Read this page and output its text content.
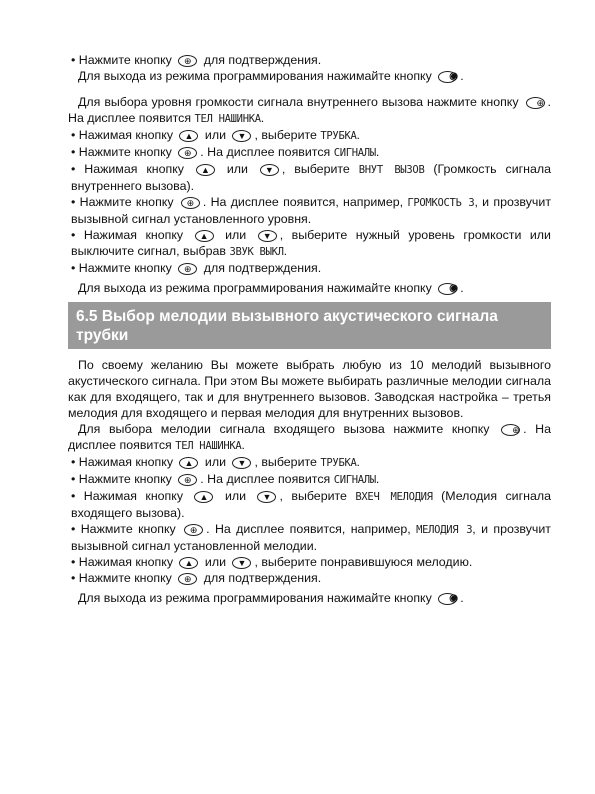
• Нажмите кнопку	⊕ для подтверждения.

Для выхода из режима программирования нажимайте кнопку	◉ .

Для выбора уровня громкости сигнала внутреннего вызова нажмите кнопку	⊕ . На дисплее появится ТЕЛ НАШИНКА.

• Нажимая кнопку	▲ или	▼ , выберите ТРУБКА.

• Нажмите кнопку	⊕ . На дисплее появится СИГНАЛЫ.

• Нажимая кнопку	▲	или	▼ , выберите ВНУТ ВЫЗОВ (Громкость сигнала внутреннего вызова).

• Нажмите кнопку	⊕ . На дисплее появится, например, ГРОМКОСТЬ 3, и прозвучит вызывной сигнал установленного уровня.

• Нажимая кнопку	▲	или	▼ , выберите нужный уровень громкости или выключите сигнал, выбрав ЗВУК ВЫКЛ.

• Нажмите кнопку	⊕ для подтверждения.

Для выхода из режима программирования нажимайте кнопку	◉ .

6.5 Выбор мелодии вызывного акустического сигнала трубки

По своему желанию Вы можете выбрать любую из 10 мелодий вызывного акустического сигнала. При этом Вы можете выбирать различные мелодии сигнала как для входящего, так и для внутреннего вызовов. Заводская настройка – третья мелодия для входящего и первая мелодия для внутренних вызовов.

Для выбора мелодии сигнала входящего вызова нажмите кнопку	⊕ . На дисплее появится ТЕЛ НАШИНКА.

• Нажимая кнопку	▲ или	▼ , выберите ТРУБКА.

• Нажмите кнопку	⊕ . На дисплее появится СИГНАЛЫ.

• Нажимая кнопку	▲	или	▼ , выберите ВХЕЧ МЕЛОДИЯ (Мелодия сигнала входящего вызова).

• Нажмите кнопку	⊕ . На дисплее появится, например, МЕЛОДИЯ 3, и прозвучит вызывной сигнал установленной мелодии.

• Нажимая кнопку	▲ или	▼ , выберите понравившуюся мелодию.

• Нажмите кнопку	⊕ для подтверждения.

Для выхода из режима программирования нажимайте кнопку	◉ .
